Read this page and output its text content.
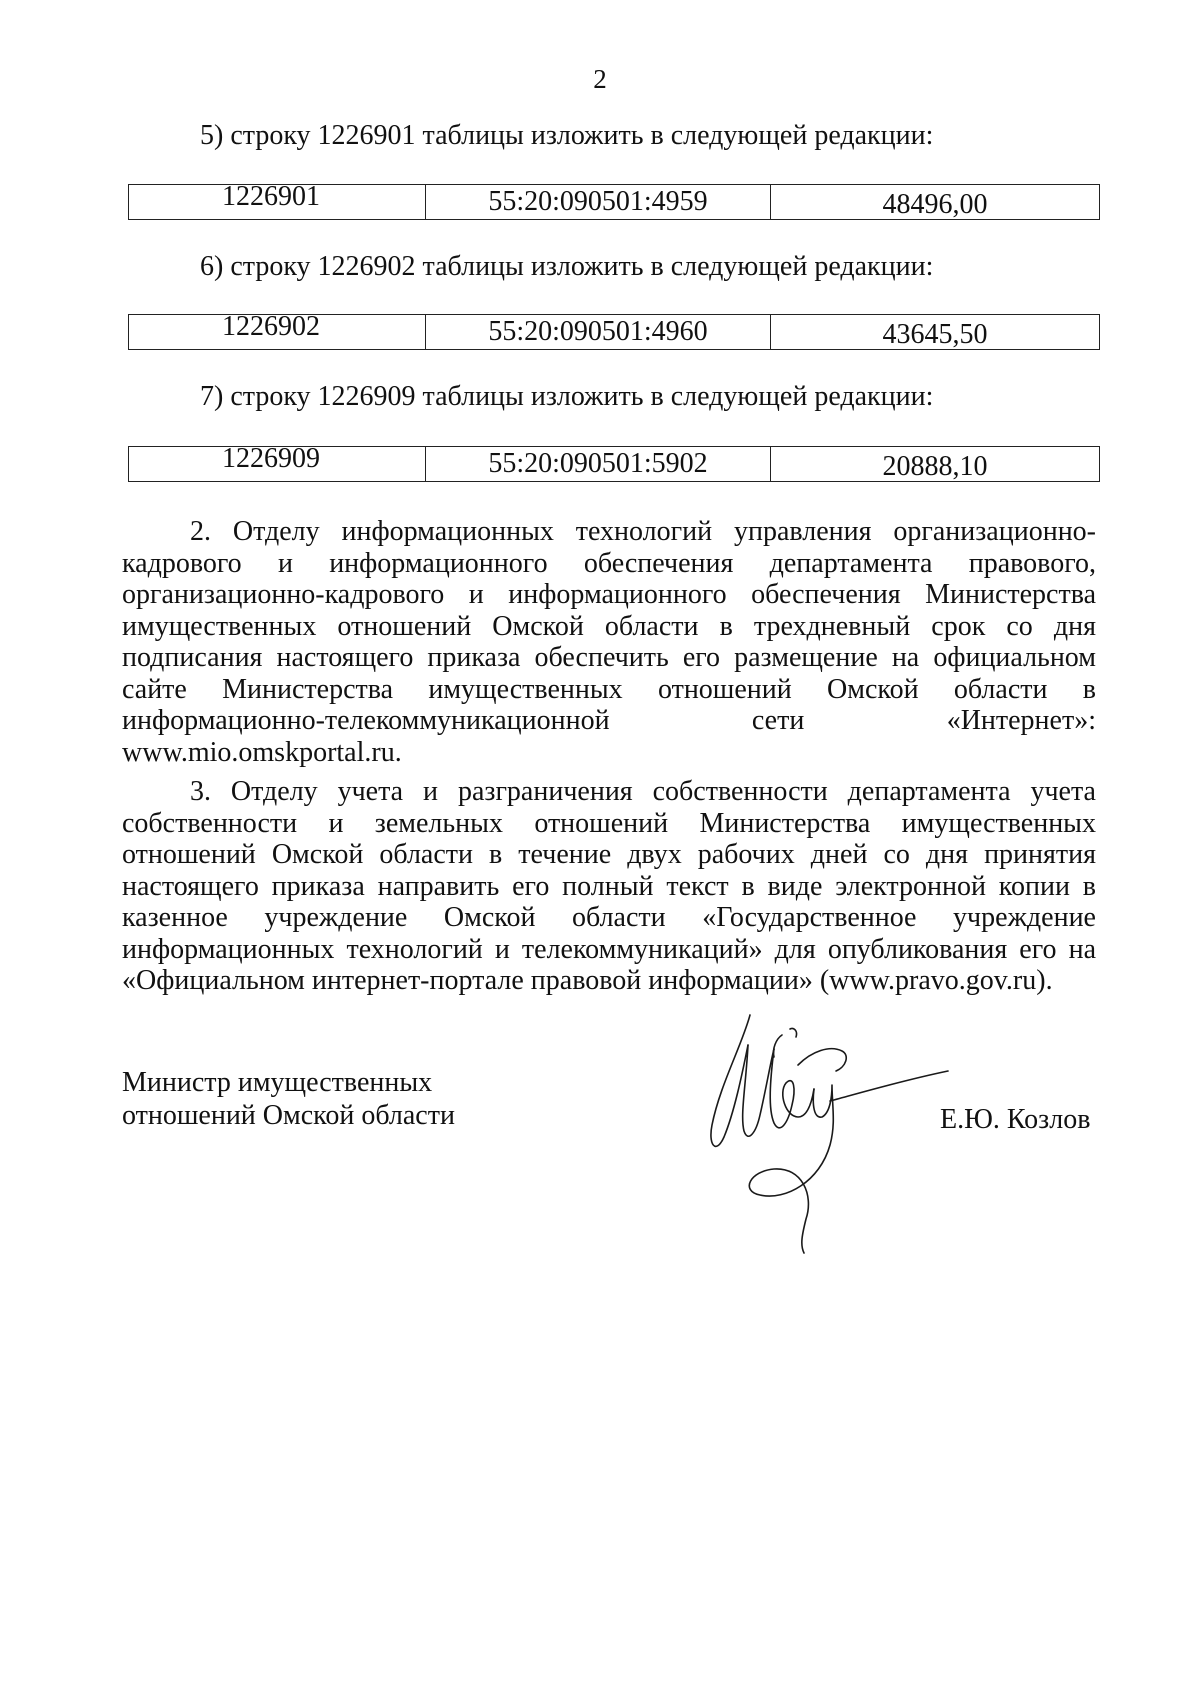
2
5) строку 1226901 таблицы изложить в следующей редакции:
1226901	55:20:090501:4959	48496,00
6) строку 1226902 таблицы изложить в следующей редакции:
1226902	55:20:090501:4960	43645,50
7) строку 1226909 таблицы изложить в следующей редакции:
1226909	55:20:090501:5902	20888,10
2. Отделу информационных технологий управления организационно-кадрового и информационного обеспечения департамента правового, организационно-кадрового и информационного обеспечения Министерства имущественных отношений Омской области в трехдневный срок со дня подписания настоящего приказа обеспечить его размещение на официальном сайте Министерства имущественных отношений Омской области в информационно-телекоммуникационной сети «Интернет»: www.mio.omskportal.ru.
3. Отделу учета и разграничения собственности департамента учета собственности и земельных отношений Министерства имущественных отношений Омской области в течение двух рабочих дней со дня принятия настоящего приказа направить его полный текст в виде электронной копии в казенное учреждение Омской области «Государственное учреждение информационных технологий и телекоммуникаций» для опубликования его на «Официальном интернет-портале правовой информации» (www.pravo.gov.ru).
Министр имущественных
отношений Омской области	Е.Ю. Козлов
